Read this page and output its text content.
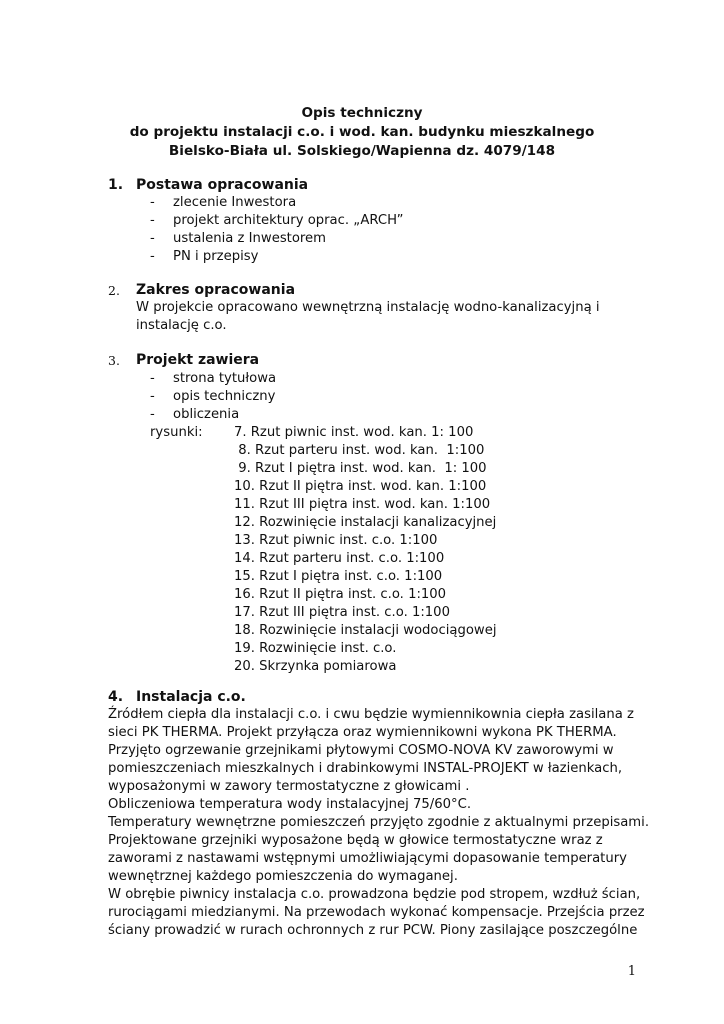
Opis techniczny
do projektu instalacji c.o. i wod. kan. budynku mieszkalnego
Bielsko-Biała ul. Solskiego/Wapienna dz. 4079/148
1. Postawa opracowania
- zlecenie Inwestora
- projekt architektury oprac. „ARCH”
- ustalenia z Inwestorem
- PN i przepisy
2. Zakres opracowania
W projekcie opracowano wewnętrzną instalację wodno-kanalizacyjną i
instalację c.o.
3. Projekt zawiera
- strona tytułowa
- opis techniczny
- obliczenia
rysunki: 7. Rzut piwnic inst. wod. kan. 1: 100
8. Rzut parteru inst. wod. kan.  1:100
9. Rzut I piętra inst. wod. kan.  1: 100
10. Rzut II piętra inst. wod. kan. 1:100
11. Rzut III piętra inst. wod. kan. 1:100
12. Rozwinięcie instalacji kanalizacyjnej
13. Rzut piwnic inst. c.o. 1:100
14. Rzut parteru inst. c.o. 1:100
15. Rzut I piętra inst. c.o. 1:100
16. Rzut II piętra inst. c.o. 1:100
17. Rzut III piętra inst. c.o. 1:100
18. Rozwinięcie instalacji wodociągowej
19. Rozwinięcie inst. c.o.
20. Skrzynka pomiarowa
4. Instalacja c.o.
Źródłem ciepła dla instalacji c.o. i cwu będzie wymiennikownia ciepła zasilana z
sieci PK THERMA. Projekt przyłącza oraz wymiennikowni wykona PK THERMA.
Przyjęto ogrzewanie grzejnikami płytowymi COSMO-NOVA KV zaworowymi w
pomieszczeniach mieszkalnych i drabinkowymi INSTAL-PROJEKT w łazienkach,
wyposażonymi w zawory termostatyczne z głowicami .
Obliczeniowa temperatura wody instalacyjnej 75/60°C.
Temperatury wewnętrzne pomieszczeń przyjęto zgodnie z aktualnymi przepisami.
Projektowane grzejniki wyposażone będą w głowice termostatyczne wraz z
zaworami z nastawami wstępnymi umożliwiającymi dopasowanie temperatury
wewnętrznej każdego pomieszczenia do wymaganej.
W obrębie piwnicy instalacja c.o. prowadzona będzie pod stropem, wzdłuż ścian,
rurociągami miedzianymi. Na przewodach wykonać kompensacje. Przejścia przez
ściany prowadzić w rurach ochronnych z rur PCW. Piony zasilające poszczególne
1
